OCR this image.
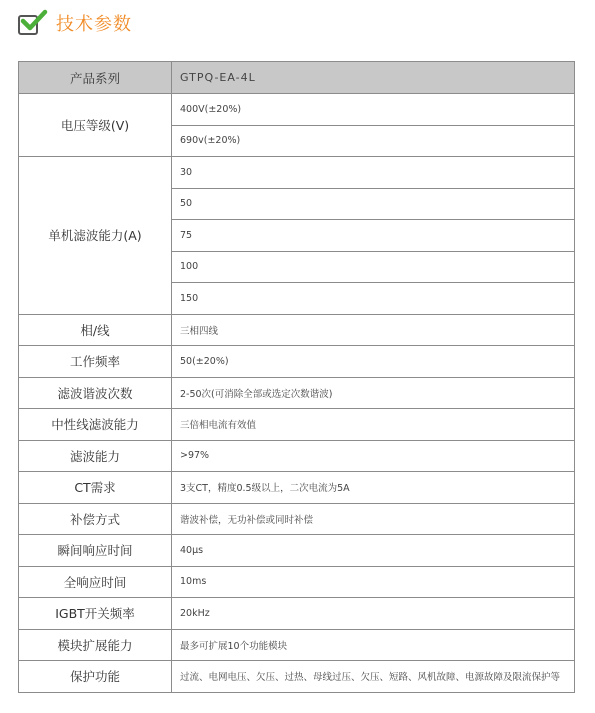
技术参数
产品系列	GTPQ-EA-4L
电压等级(V)	400V(±20%)
	690v(±20%)
单机滤波能力(A)	30
	50
	75
	100
	150
相/线	三相四线
工作频率	50(±20%)
滤波谐波次数	2-50次(可消除全部或选定次数谐波)
中性线滤波能力	三倍相电流有效值
滤波能力	>97%
CT需求	3支CT，精度0.5级以上，二次电流为5A
补偿方式	谐波补偿，无功补偿或同时补偿
瞬间响应时间	40μs
全响应时间	10ms
IGBT开关频率	20kHz
模块扩展能力	最多可扩展10个功能模块
保护功能	过流、电网电压、欠压、过热、母线过压、欠压、短路、风机故障、电源故障及限流保护等
